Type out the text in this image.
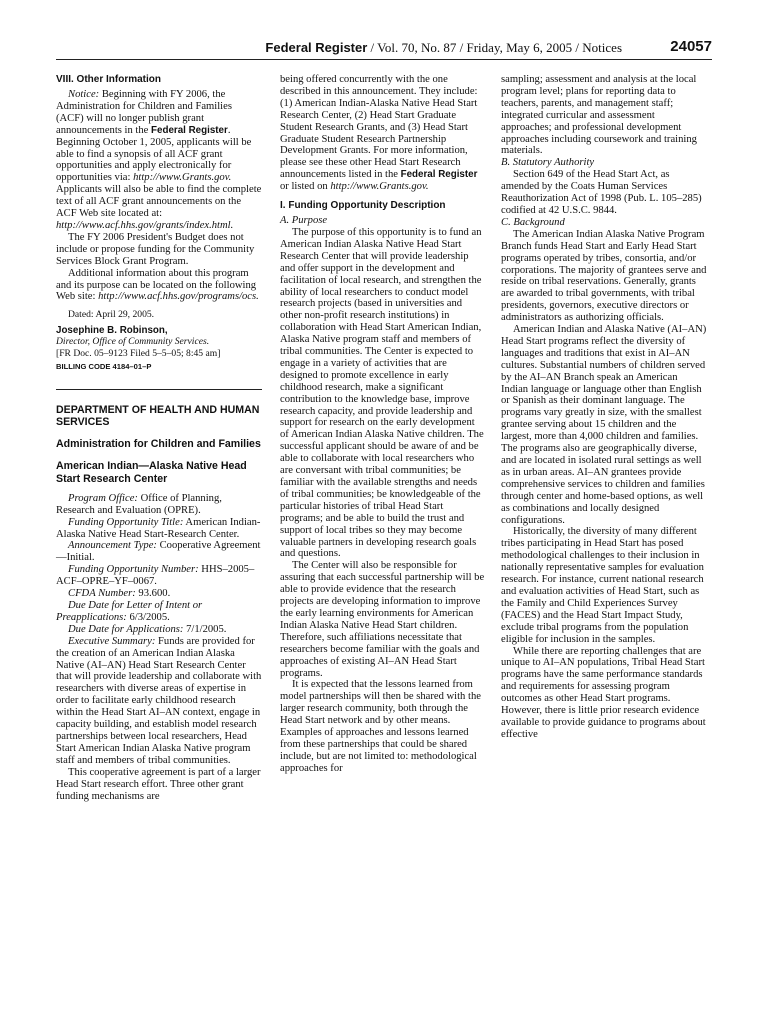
Federal Register / Vol. 70, No. 87 / Friday, May 6, 2005 / Notices	24057
VIII. Other Information

Notice: Beginning with FY 2006, the Administration for Children and Families (ACF) will no longer publish grant announcements in the Federal Register. Beginning October 1, 2005, applicants will be able to find a synopsis of all ACF grant opportunities and apply electronically for opportunities via: http://www.Grants.gov. Applicants will also be able to find the complete text of all ACF grant announcements on the ACF Web site located at: http://www.acf.hhs.gov/grants/index.html.

The FY 2006 President's Budget does not include or propose funding for the Community Services Block Grant Program.

Additional information about this program and its purpose can be located on the following Web site: http://www.acf.hhs.gov/programs/ocs.

Dated: April 29, 2005.

Josephine B. Robinson,

Director, Office of Community Services.

[FR Doc. 05–9123 Filed 5–5–05; 8:45 am]

BILLING CODE 4184–01–P
DEPARTMENT OF HEALTH AND HUMAN SERVICES
Administration for Children and Families
American Indian—Alaska Native Head Start Research Center

Program Office: Office of Planning, Research and Evaluation (OPRE).

Funding Opportunity Title: American Indian-Alaska Native Head Start-Research Center.

Announcement Type: Cooperative Agreement—Initial.

Funding Opportunity Number: HHS–2005–ACF–OPRE–YF–0067.

CFDA Number: 93.600.

Due Date for Letter of Intent or Preapplications: 6/3/2005.

Due Date for Applications: 7/1/2005.

Executive Summary: Funds are provided for the creation of an American Indian Alaska Native (AI–AN) Head Start Research Center that will provide leadership and collaborate with researchers with diverse areas of expertise in order to facilitate early childhood research within the Head Start AI–AN context, engage in capacity building, and establish model research partnerships between local researchers, Head Start American Indian Alaska Native program staff and members of tribal communities.

This cooperative agreement is part of a larger Head Start research effort. Three other grant funding mechanisms are

being offered concurrently with the one described in this announcement. They include: (1) American Indian-Alaska Native Head Start Research Center, (2) Head Start Graduate Student Research Grants, and (3) Head Start Graduate Student Research Partnership Development Grants. For more information, please see these other Head Start Research announcements listed in the Federal Register or listed on http://www.Grants.gov.

I. Funding Opportunity Description

A. Purpose

The purpose of this opportunity is to fund an American Indian Alaska Native Head Start Research Center that will provide leadership and offer support in the development and facilitation of local research, and strengthen the ability of local researchers to conduct model research projects (based in universities and other non-profit research institutions) in collaboration with Head Start American Indian, Alaska Native program staff and members of tribal communities. The Center is expected to engage in a variety of activities that are designed to promote excellence in early childhood research, make a significant contribution to the knowledge base, improve research capacity, and provide leadership and support for research on the early development of American Indian Alaska Native children. The successful applicant should be aware of and be able to collaborate with local researchers who are conversant with tribal communities; be familiar with the available strengths and needs of tribal communities; be knowledgeable of the particular histories of tribal Head Start programs; and be able to build the trust and support of local tribes so they may become valuable partners in developing research goals and questions.

The Center will also be responsible for assuring that each successful partnership will be able to provide evidence that the research projects are developing information to improve the early learning environments for American Indian Alaska Native Head Start children. Therefore, such affiliations necessitate that researchers become familiar with the goals and approaches of existing AI–AN Head Start programs.

It is expected that the lessons learned from model partnerships will then be shared with the larger research community, both through the Head Start network and by other means. Examples of approaches and lessons learned from these partnerships that could be shared include, but are not limited to: methodological approaches for

sampling; assessment and analysis at the local program level; plans for reporting data to teachers, parents, and management staff; integrated curricular and assessment approaches; and professional development approaches including coursework and training materials.

B. Statutory Authority

Section 649 of the Head Start Act, as amended by the Coats Human Services Reauthorization Act of 1998 (Pub. L. 105–285) codified at 42 U.S.C. 9844.

C. Background

The American Indian Alaska Native Program Branch funds Head Start and Early Head Start programs operated by tribes, consortia, and/or corporations. The majority of grantees serve and reside on tribal reservations. Generally, grants are awarded to tribal governments, with tribal presidents, governors, executive directors or administrators as authorizing officials.

American Indian and Alaska Native (AI–AN) Head Start programs reflect the diversity of languages and traditions that exist in AI–AN cultures. Substantial numbers of children served by the AI–AN Branch speak an American Indian language or language other than English or Spanish as their dominant language. The programs vary greatly in size, with the smallest grantee serving about 15 children and the largest, more than 4,000 children and families. The programs also are geographically diverse, and are located in isolated rural settings as well as in urban areas. AI–AN grantees provide comprehensive services to children and families through center and home-based options, as well as combinations and locally designed configurations.

Historically, the diversity of many different tribes participating in Head Start has posed methodological challenges to their inclusion in nationally representative samples for evaluation research. For instance, current national research and evaluation activities of Head Start, such as the Family and Child Experiences Survey (FACES) and the Head Start Impact Study, exclude tribal programs from the population eligible for inclusion in the samples.

While there are reporting challenges that are unique to AI–AN populations, Tribal Head Start programs have the same performance standards and requirements for assessing program outcomes as other Head Start programs. However, there is little prior research evidence available to provide guidance to programs about effective
